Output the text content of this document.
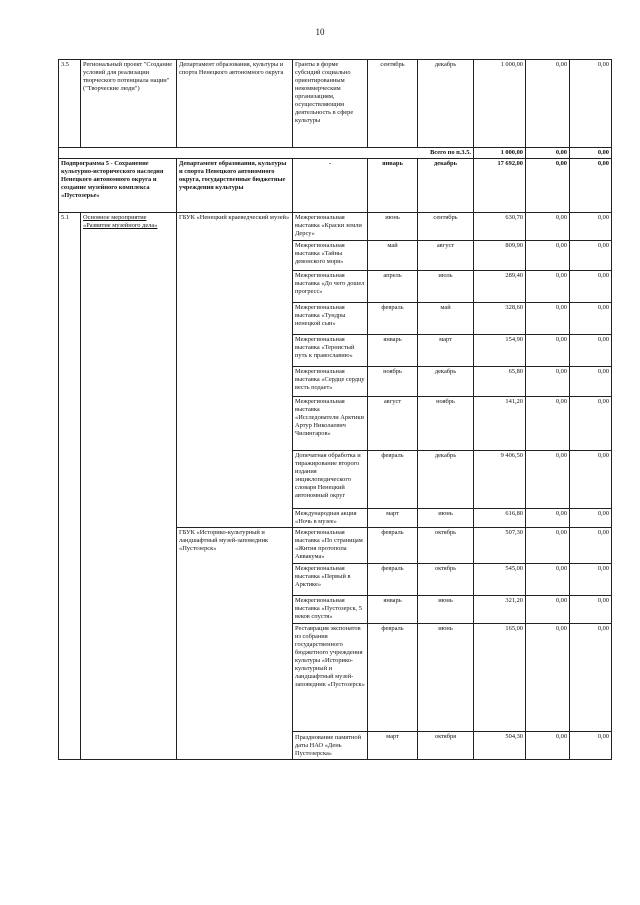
10
3.5	Региональный проект "Создание условий для реализации творческого потенциала нации" ("Творческие люди")	Департамент образования, культуры и спорта Ненецкого автономного округа	Гранты в форме субсидий социально ориентированным некоммерческим организациям, осуществляющим деятельность в сфере культуры	сентябрь	декабрь	1 000,00	0,00	0,00
Всего по п.3.5.						1 000,00	0,00	0,00
Подпрограмма 5 - Сохранение культурно-исторического наследия Ненецкого автономного округа и создание музейного комплекса «Пустозерье»		Департамент образования, культуры и спорта Ненецкого автономного округа, государственные бюджетные учреждения культуры	-	январь	декабрь	17 692,00	0,00	0,00
5.1	Основное мероприятие «Развитие музейного дела»	ГБУК «Ненецкий краеведческий музей»	Межрегиональная выставка «Краски земли Дерсу»	июнь	сентябрь	630,70	0,00	0,00
			Межрегиональная выставка «Тайны девонского моря»	май	август	809,90	0,00	0,00
			Межрегиональная выставка «До чего дошел прогресс»	апрель	июль	289,40	0,00	0,00
			Межрегиональная выставка «Тундры ненецкой сын»	февраль	май	328,60	0,00	0,00
			Межрегиональная выставка «Тернистый путь к православию»	январь	март	154,90	0,00	0,00
			Межрегиональная выставка «Сердце сердцу весть подает»	ноябрь	декабрь	65,80	0,00	0,00
			Межрегиональная выставка «Исследователи Арктики Артур Николаевич Чилингаров»	август	ноябрь	141,20	0,00	0,00
			Допечатная обработка и тиражирование второго издания энциклопедического словаря Ненецкий автономный округ	февраль	декабрь	9 406,50	0,00	0,00
			Международная акция «Ночь в музее»	март	июнь	616,80	0,00	0,00
		ГБУК «Историко-культурный и ландшафтный музей-заповедник «Пустозерск»	Межрегиональная выставка «По страницам «Жития протопопа Аввакума»	февраль	октябрь	507,30	0,00	0,00
			Межрегиональная выставка «Первый в Арктике»	февраль	октябрь	545,00	0,00	0,00
			Межрегиональная выставка «Пустозерск, 5 веков спустя»	январь	июнь	321,20	0,00	0,00
			Реставрация экспонатов из собрания государственного бюджетного учреждения культуры «Историко-культурный и ландшафтный музей-заповедник «Пустозерск»	февраль	июнь	165,00	0,00	0,00
			Празднование памятной даты НАО «День Пустозерска»	март	октября	504,30	0,00	0,00
